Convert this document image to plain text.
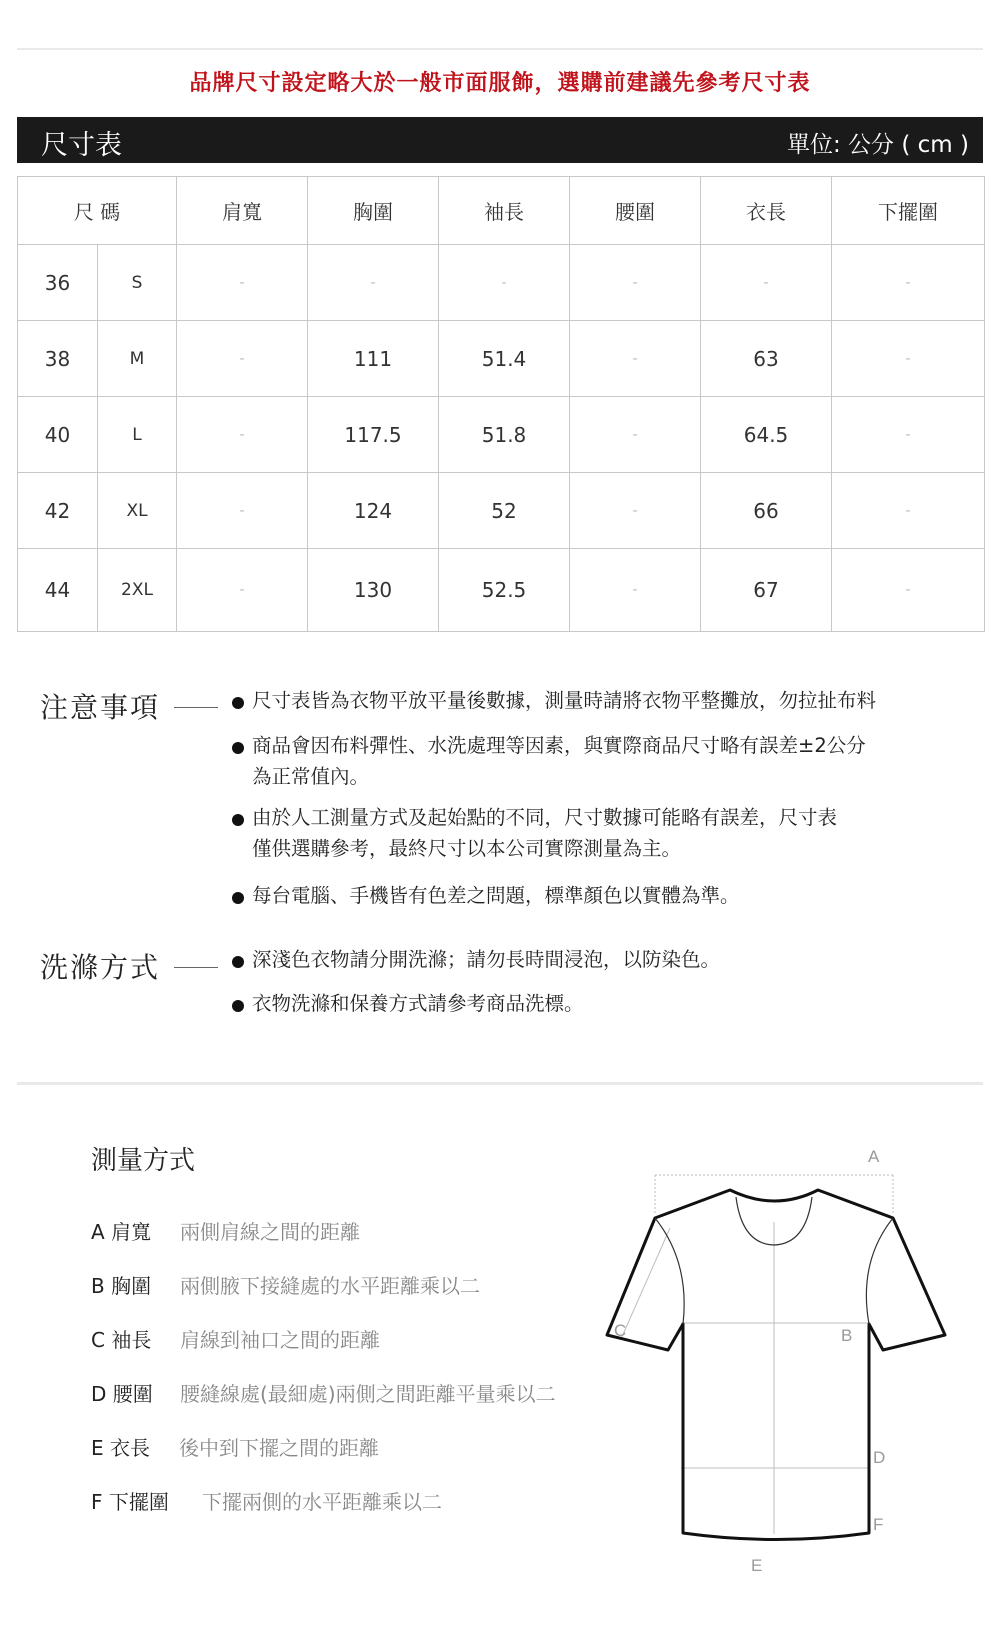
品牌尺寸設定略大於一般市面服飾，選購前建議先參考尺寸表
尺寸表	單位: 公分 ( cm )
尺 碼		肩寬	胸圍	袖長	腰圍	衣長	下擺圍
36	S	-	-	-	-	-	-
38	M	-	111	51.4	-	63	-
40	L	-	117.5	51.8	-	64.5	-
42	XL	-	124	52	-	66	-
44	2XL	-	130	52.5	-	67	-
注意事項	尺寸表皆為衣物平放平量後數據，測量時請將衣物平整攤放，勿拉扯布料
商品會因布料彈性、水洗處理等因素，與實際商品尺寸略有誤差±2公分
為正常值內。
由於人工測量方式及起始點的不同，尺寸數據可能略有誤差，尺寸表
僅供選購參考，最終尺寸以本公司實際測量為主。
每台電腦、手機皆有色差之問題，標準顏色以實體為準。
洗滌方式	深淺色衣物請分開洗滌；請勿長時間浸泡，以防染色。
衣物洗滌和保養方式請參考商品洗標。
測量方式
A 肩寬 兩側肩線之間的距離
B 胸圍 兩側腋下接縫處的水平距離乘以二
C 袖長 肩線到袖口之間的距離
D 腰圍 腰縫線處(最細處)兩側之間距離平量乘以二
E 衣長 後中到下擺之間的距離
F 下擺圍 下擺兩側的水平距離乘以二
A
B
C
D
E
F
